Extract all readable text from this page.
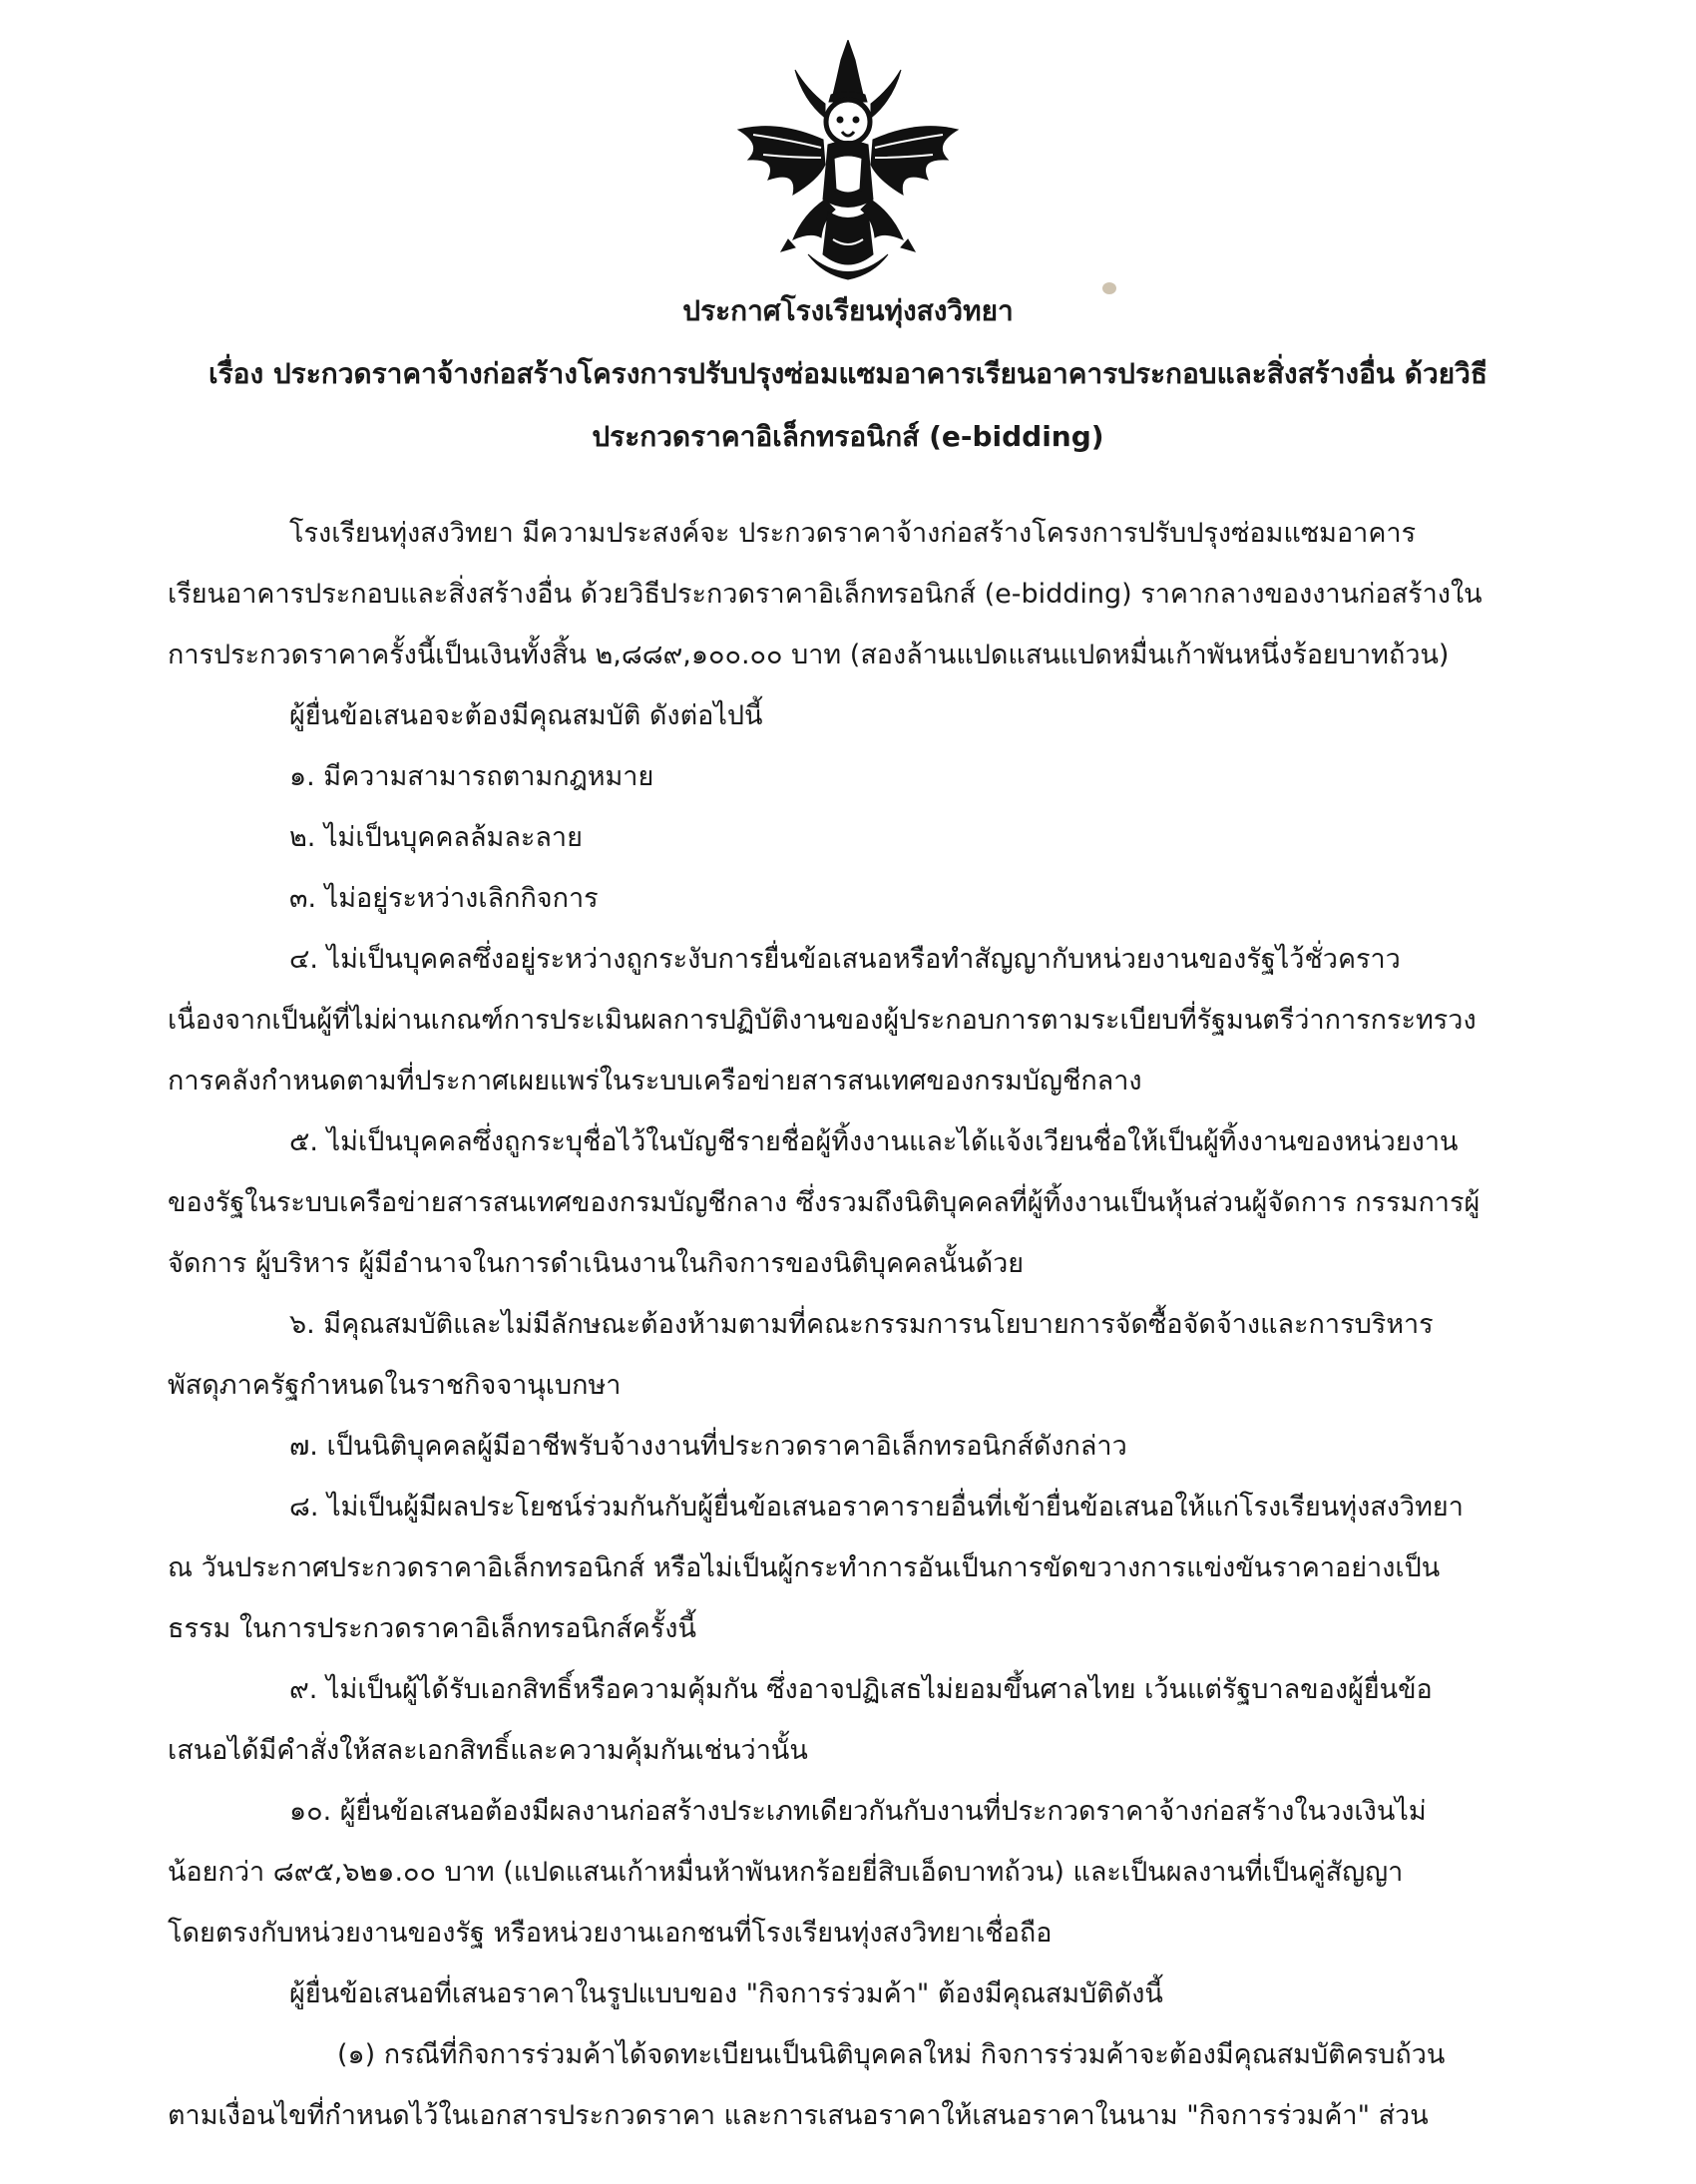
ประกาศโรงเรียนทุ่งสงวิทยา
เรื่อง ประกวดราคาจ้างก่อสร้างโครงการปรับปรุงซ่อมแซมอาคารเรียนอาคารประกอบและสิ่งสร้างอื่น ด้วยวิธี
ประกวดราคาอิเล็กทรอนิกส์ (e-bidding)
โรงเรียนทุ่งสงวิทยา มีความประสงค์จะ ประกวดราคาจ้างก่อสร้างโครงการปรับปรุงซ่อมแซมอาคาร
เรียนอาคารประกอบและสิ่งสร้างอื่น ด้วยวิธีประกวดราคาอิเล็กทรอนิกส์ (e-bidding) ราคากลางของงานก่อสร้างใน
การประกวดราคาครั้งนี้เป็นเงินทั้งสิ้น ๒,๘๘๙,๑๐๐.๐๐ บาท (สองล้านแปดแสนแปดหมื่นเก้าพันหนึ่งร้อยบาทถ้วน)
ผู้ยื่นข้อเสนอจะต้องมีคุณสมบัติ ดังต่อไปนี้
๑. มีความสามารถตามกฎหมาย
๒. ไม่เป็นบุคคลล้มละลาย
๓. ไม่อยู่ระหว่างเลิกกิจการ
๔. ไม่เป็นบุคคลซึ่งอยู่ระหว่างถูกระงับการยื่นข้อเสนอหรือทำสัญญากับหน่วยงานของรัฐไว้ชั่วคราว
เนื่องจากเป็นผู้ที่ไม่ผ่านเกณฑ์การประเมินผลการปฏิบัติงานของผู้ประกอบการตามระเบียบที่รัฐมนตรีว่าการกระทรวง
การคลังกำหนดตามที่ประกาศเผยแพร่ในระบบเครือข่ายสารสนเทศของกรมบัญชีกลาง
๕. ไม่เป็นบุคคลซึ่งถูกระบุชื่อไว้ในบัญชีรายชื่อผู้ทิ้งงานและได้แจ้งเวียนชื่อให้เป็นผู้ทิ้งงานของหน่วยงาน
ของรัฐในระบบเครือข่ายสารสนเทศของกรมบัญชีกลาง ซึ่งรวมถึงนิติบุคคลที่ผู้ทิ้งงานเป็นหุ้นส่วนผู้จัดการ กรรมการผู้
จัดการ ผู้บริหาร ผู้มีอำนาจในการดำเนินงานในกิจการของนิติบุคคลนั้นด้วย
๖. มีคุณสมบัติและไม่มีลักษณะต้องห้ามตามที่คณะกรรมการนโยบายการจัดซื้อจัดจ้างและการบริหาร
พัสดุภาครัฐกำหนดในราชกิจจานุเบกษา
๗. เป็นนิติบุคคลผู้มีอาชีพรับจ้างงานที่ประกวดราคาอิเล็กทรอนิกส์ดังกล่าว
๘. ไม่เป็นผู้มีผลประโยชน์ร่วมกันกับผู้ยื่นข้อเสนอราคารายอื่นที่เข้ายื่นข้อเสนอให้แก่โรงเรียนทุ่งสงวิทยา
ณ วันประกาศประกวดราคาอิเล็กทรอนิกส์ หรือไม่เป็นผู้กระทำการอันเป็นการขัดขวางการแข่งขันราคาอย่างเป็น
ธรรม ในการประกวดราคาอิเล็กทรอนิกส์ครั้งนี้
๙. ไม่เป็นผู้ได้รับเอกสิทธิ์หรือความคุ้มกัน ซึ่งอาจปฏิเสธไม่ยอมขึ้นศาลไทย เว้นแต่รัฐบาลของผู้ยื่นข้อ
เสนอได้มีคำสั่งให้สละเอกสิทธิ์และความคุ้มกันเช่นว่านั้น
๑๐. ผู้ยื่นข้อเสนอต้องมีผลงานก่อสร้างประเภทเดียวกันกับงานที่ประกวดราคาจ้างก่อสร้างในวงเงินไม่
น้อยกว่า ๘๙๕,๖๒๑.๐๐ บาท (แปดแสนเก้าหมื่นห้าพันหกร้อยยี่สิบเอ็ดบาทถ้วน) และเป็นผลงานที่เป็นคู่สัญญา
โดยตรงกับหน่วยงานของรัฐ หรือหน่วยงานเอกชนที่โรงเรียนทุ่งสงวิทยาเชื่อถือ
ผู้ยื่นข้อเสนอที่เสนอราคาในรูปแบบของ "กิจการร่วมค้า" ต้องมีคุณสมบัติดังนี้
(๑) กรณีที่กิจการร่วมค้าได้จดทะเบียนเป็นนิติบุคคลใหม่ กิจการร่วมค้าจะต้องมีคุณสมบัติครบถ้วน
ตามเงื่อนไขที่กำหนดไว้ในเอกสารประกวดราคา และการเสนอราคาให้เสนอราคาในนาม "กิจการร่วมค้า" ส่วน
